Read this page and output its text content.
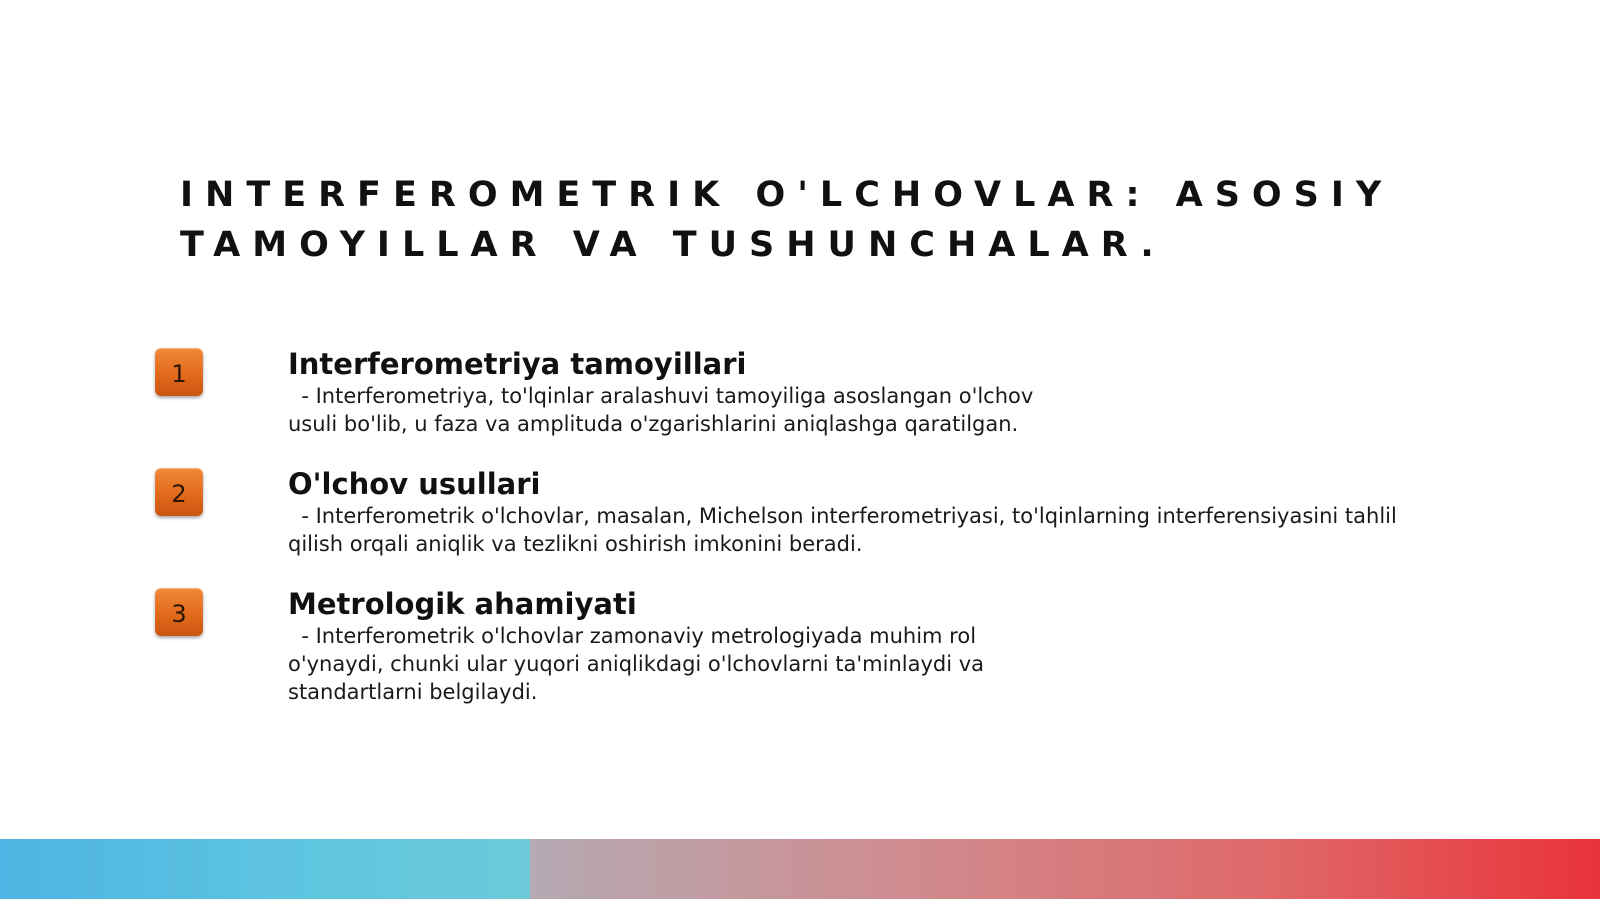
INTERFEROMETRIK O'LCHOVLAR: ASOSIY TAMOYILLAR VA TUSHUNCHALAR.
1	Interferometriya tamoyillari

- Interferometriya, to'lqinlar aralashuvi tamoyiliga asoslangan o'lchov usuli bo'lib, u faza va amplituda o'zgarishlarini aniqlashga qaratilgan.

2	O'lchov usullari

- Interferometrik o'lchovlar, masalan, Michelson interferometriyasi, to'lqinlarning interferensiyasini tahlil qilish orqali aniqlik va tezlikni oshirish imkonini beradi.

3	Metrologik ahamiyati

- Interferometrik o'lchovlar zamonaviy metrologiyada muhim rol o'ynaydi, chunki ular yuqori aniqlikdagi o'lchovlarni ta'minlaydi va standartlarni belgilaydi.
